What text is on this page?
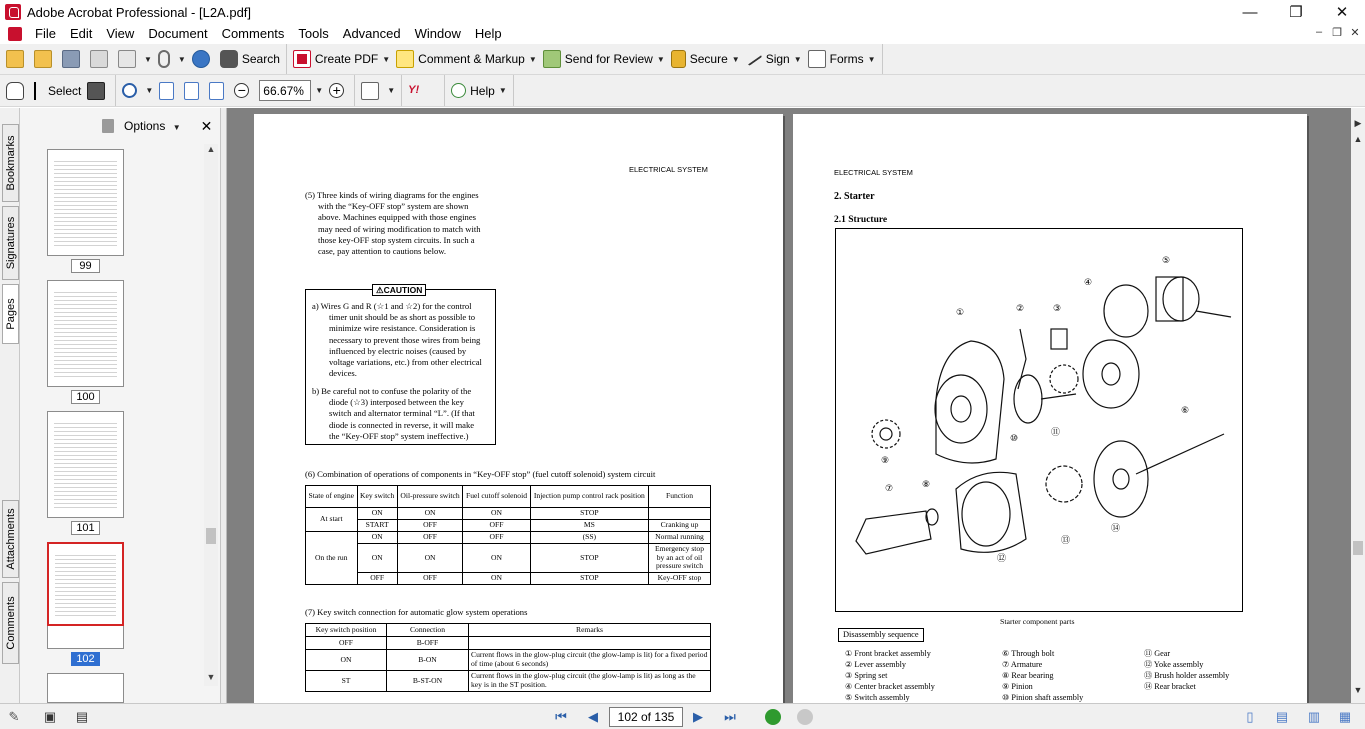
Adobe Acrobat Professional - [L2A.pdf]	—	❐	✕
File	Edit	View	Document	Comments	Tools	Advanced	Window	Help	– ❐ ✕
▼	▼	Search	Create PDF ▼ Comment & Markup ▼ Send for Review ▼ Secure ▼ Sign ▼ Forms ▼
Select	▼	−	66.67%	▼ +	▼ Y!	Help ▼
Bookmarks
Signatures
Pages
Attachments
Comments
Options ▼ ✕
99
100
101
102
▲
▼
ELECTRICAL SYSTEM
(5) Three kinds of wiring diagrams for the engines
with the “Key-OFF stop” system are shown
above. Machines equipped with those engines
may need of wiring modification to match with
those key-OFF stop system circuits. In such a
case, pay attention to cautions below.
⚠CAUTION
a) Wires G and R (☆1 and ☆2) for the control
timer unit should be as short as possible to
minimize wire resistance. Consideration is
necessary to prevent those wires from being
influenced by electric noises (caused by
voltage variations, etc.) from other electrical
devices.
b) Be careful not to confuse the polarity of the
diode (☆3) interposed between the key
switch and alternator terminal “L”. (If that
diode is connected in reverse, it will make
the “Key-OFF stop” system ineffective.)
(6) Combination of operations of components in “Key-OFF stop” (fuel cutoff solenoid) system circuit
State of engine	Key switch	Oil-pressure switch	Fuel cutoff solenoid	Injection pump control rack position	Function
At start	ON	ON	ON	STOP	
	START	OFF	OFF	MS	Cranking up
On the run	ON	OFF	OFF	(SS)	Normal running
	ON	ON	ON	STOP	Emergency stop by an act of oil pressure switch
	OFF	OFF	ON	STOP	Key-OFF stop
(7) Key switch connection for automatic glow system operations
Key switch position	Connection	Remarks
OFF	B-OFF	
ON	B-ON	Current flows in the glow-plug circuit (the glow-lamp is lit) for a fixed period of time (about 6 seconds)
ST	B-ST-ON	Current flows in the glow-plug circuit (the glow-lamp is lit) as long as the key is in the ST position.
ELECTRICAL SYSTEM
2. Starter
2.1 Structure
①	②	③
④
⑤
⑥
⑦	⑧
⑨
⑩
⑪
⑫
⑬
⑭
Starter component parts
Disassembly sequence
① Front bracket assembly
② Lever assembly
③ Spring set
④ Center bracket assembly
⑤ Switch assembly
⑥ Through bolt
⑦ Armature
⑧ Rear bearing
⑨ Pinion
⑩ Pinion shaft assembly
⑪ Gear
⑫ Yoke assembly
⑬ Brush holder assembly
⑭ Rear bracket
▶
▲
▼
✎ ▣ ▤	⏮ ◀	102 of 135	▶ ⏭	▯	▤ ▥ ▦
